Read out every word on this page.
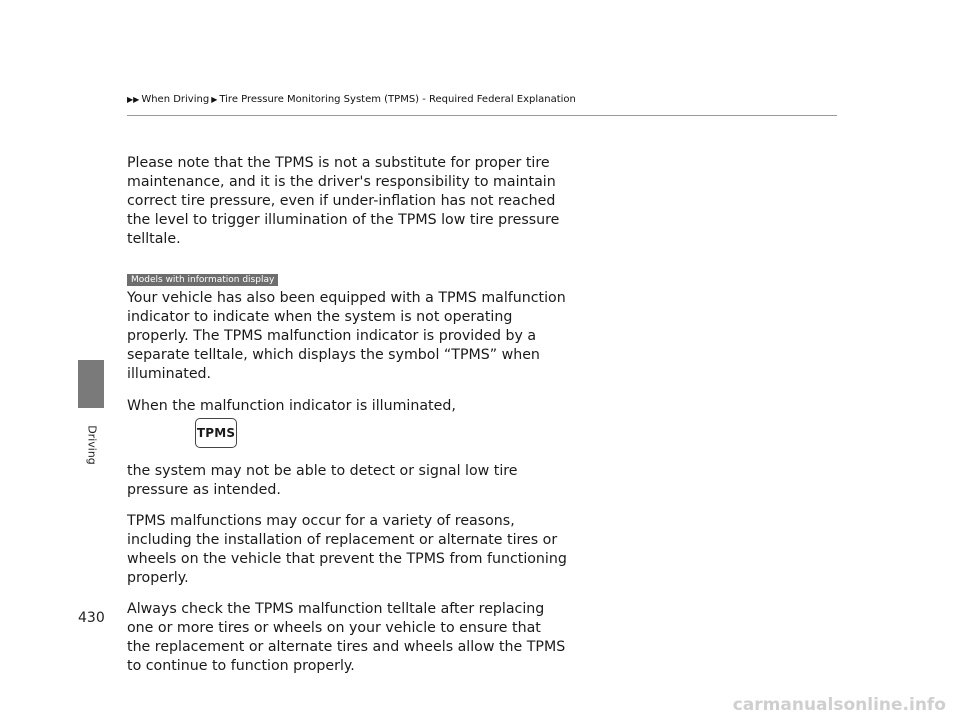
▶▶ When Driving ▶ Tire Pressure Monitoring System (TPMS) - Required Federal Explanation
Driving

Please note that the TPMS is not a substitute for proper tire maintenance, and it is the driver's responsibility to maintain correct tire pressure, even if under-inflation has not reached the level to trigger illumination of the TPMS low tire pressure telltale.

Models with information display

Your vehicle has also been equipped with a TPMS malfunction indicator to indicate when the system is not operating properly. The TPMS malfunction indicator is provided by a separate telltale, which displays the symbol “TPMS” when illuminated.

When the malfunction indicator is illuminated,

TPMS

the system may not be able to detect or signal low tire pressure as intended.

TPMS malfunctions may occur for a variety of reasons, including the installation of replacement or alternate tires or wheels on the vehicle that prevent the TPMS from functioning properly.

Always check the TPMS malfunction telltale after replacing one or more tires or wheels on your vehicle to ensure that the replacement or alternate tires and wheels allow the TPMS to continue to function properly.

430
carmanualsonline.info
